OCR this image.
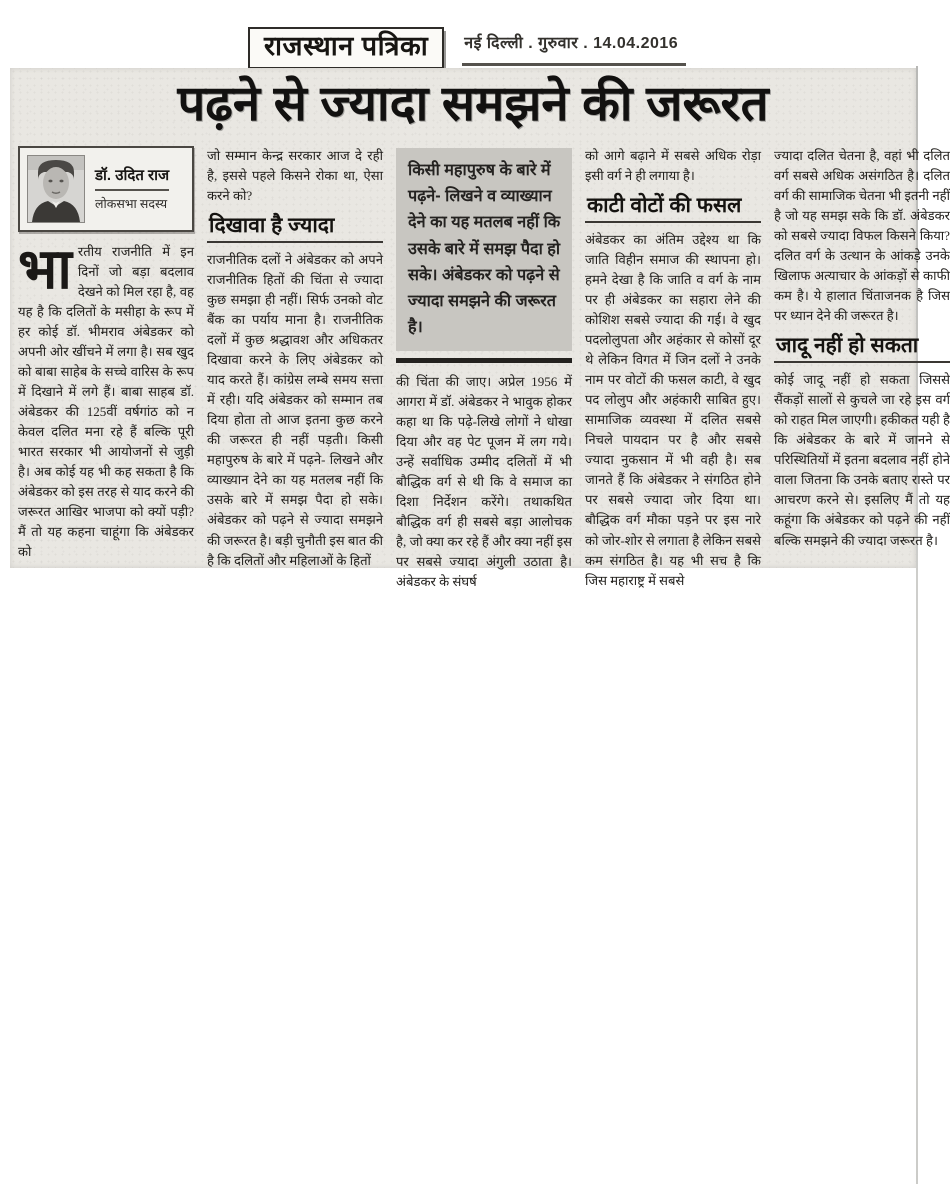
राजस्थान पत्रिका	नई दिल्ली . गुरुवार . 14.04.2016
पढ़ने से ज्यादा समझने की जरूरत
डॉ. उदित राज
लोकसभा सदस्य

भारतीय राजनीति में इन दिनों जो बड़ा बदलाव देखने को मिल रहा है, वह यह है कि दलितों के मसीहा के रूप में हर कोई डॉ. भीमराव अंबेडकर को अपनी ओर खींचने में लगा है। सब खुद को बाबा साहेब के सच्चे वारिस के रूप में दिखाने में लगे हैं। बाबा साहब डॉ. अंबेडकर की 125वीं वर्षगांठ को न केवल दलित मना रहे हैं बल्कि पूरी भारत सरकार भी आयोजनों से जुड़ी है। अब कोई यह भी कह सकता है कि अंबेडकर को इस तरह से याद करने की जरूरत आखिर भाजपा को क्यों पड़ी? मैं तो यह कहना चाहूंगा कि अंबेडकर को

जो सम्मान केन्द्र सरकार आज दे रही है, इससे पहले किसने रोका था, ऐसा करने को?

दिखावा है ज्यादा

राजनीतिक दलों ने अंबेडकर को अपने राजनीतिक हितों की चिंता से ज्यादा कुछ समझा ही नहीं। सिर्फ उनको वोट बैंक का पर्याय माना है। राजनीतिक दलों में कुछ श्रद्धावश और अधिकतर दिखावा करने के लिए अंबेडकर को याद करते हैं। कांग्रेस लम्बे समय सत्ता में रही। यदि अंबेडकर को सम्मान तब दिया होता तो आज इतना कुछ करने की जरूरत ही नहीं पड़ती। किसी महापुरुष के बारे में पढ़ने- लिखने और व्याख्यान देने का यह मतलब नहीं कि उसके बारे में समझ पैदा हो सके। अंबेडकर को पढ़ने से ज्यादा समझने की जरूरत है। बड़ी चुनौती इस बात की है कि दलितों और महिलाओं के हितों

किसी महापुरुष के बारे में पढ़ने- लिखने व व्याख्यान देने का यह मतलब नहीं कि उसके बारे में समझ पैदा हो सके। अंबेडकर को पढ़ने से ज्यादा समझने की जरूरत है।

की चिंता की जाए। अप्रेल 1956 में आगरा में डॉ. अंबेडकर ने भावुक होकर कहा था कि पढ़े-लिखे लोगों ने धोखा दिया और वह पेट पूजन में लग गये। उन्हें सर्वाधिक उम्मीद दलितों में भी बौद्धिक वर्ग से थी कि वे समाज का दिशा निर्देशन करेंगे। तथाकथित बौद्धिक वर्ग ही सबसे बड़ा आलोचक है, जो क्या कर रहे हैं और क्या नहीं इस पर सबसे ज्यादा अंगुली उठाता है। अंबेडकर के संघर्ष

को आगे बढ़ाने में सबसे अधिक रोड़ा इसी वर्ग ने ही लगाया है।

काटी वोटों की फसल

अंबेडकर का अंतिम उद्देश्य था कि जाति विहीन समाज की स्थापना हो। हमने देखा है कि जाति व वर्ग के नाम पर ही अंबेडकर का सहारा लेने की कोशिश सबसे ज्यादा की गई। वे खुद पदलोलुपता और अहंकार से कोसों दूर थे लेकिन विगत में जिन दलों ने उनके नाम पर वोटों की फसल काटी, वे खुद पद लोलुप और अहंकारी साबित हुए। सामाजिक व्यवस्था में दलित सबसे निचले पायदान पर है और सबसे ज्यादा नुकसान में भी वही है। सब जानते हैं कि अंबेडकर ने संगठित होने पर सबसे ज्यादा जोर दिया था। बौद्धिक वर्ग मौका पड़ने पर इस नारे को जोर-शोर से लगाता है लेकिन सबसे कम संगठित है। यह भी सच है कि जिस महाराष्ट्र में सबसे

ज्यादा दलित चेतना है, वहां भी दलित वर्ग सबसे अधिक असंगठित है। दलित वर्ग की सामाजिक चेतना भी इतनी नहीं है जो यह समझ सके कि डॉ. अंबेडकर को सबसे ज्यादा विफल किसने किया? दलित वर्ग के उत्थान के आंकड़े उनके खिलाफ अत्याचार के आंकड़ों से काफी कम है। ये हालात चिंताजनक है जिस पर ध्यान देने की जरूरत है।

जादू नहीं हो सकता

कोई जादू नहीं हो सकता जिससे सैंकड़ों सालों से कुचले जा रहे इस वर्ग को राहत मिल जाएगी। हकीकत यही है कि अंबेडकर के बारे में जानने से परिस्थितियों में इतना बदलाव नहीं होने वाला जितना कि उनके बताए रास्ते पर आचरण करने से। इसलिए मैं तो यह कहूंगा कि अंबेडकर को पढ़ने की नहीं बल्कि समझने की ज्यादा जरूरत है।
